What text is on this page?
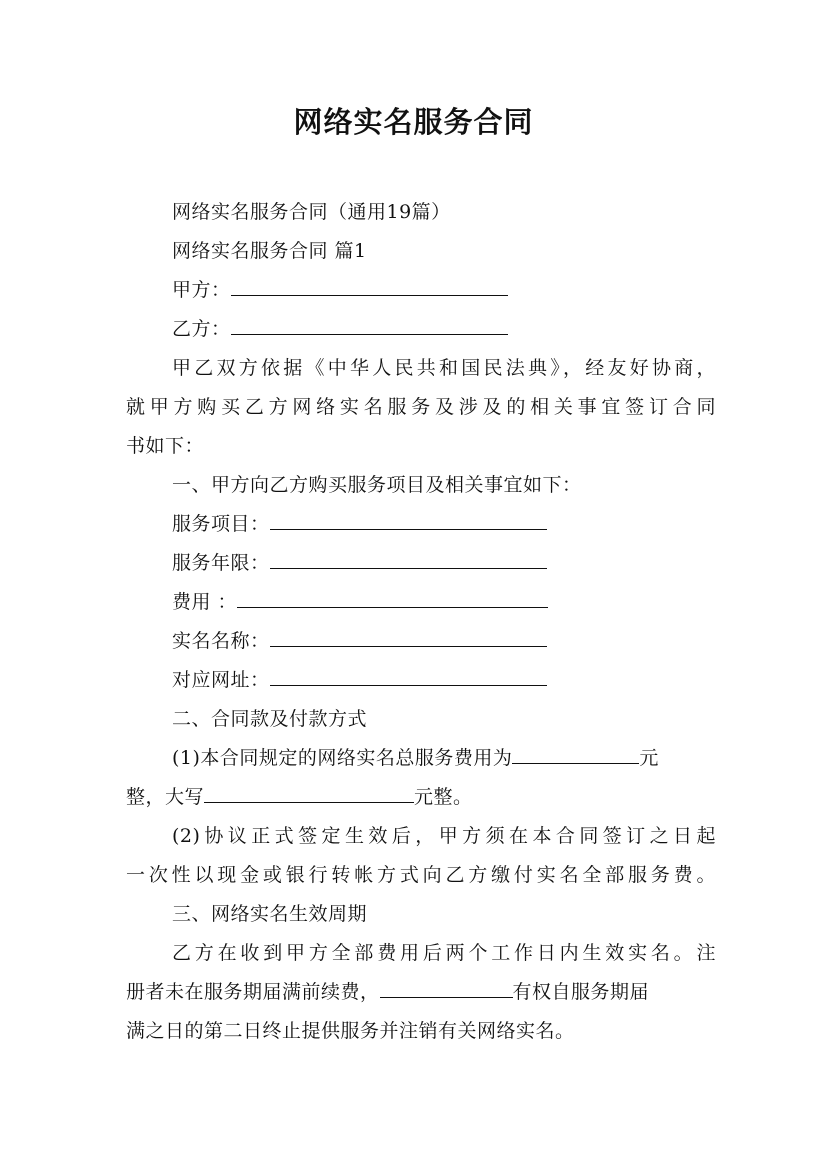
网络实名服务合同
网络实名服务合同（通用19篇）
网络实名服务合同 篇1
甲方：
乙方：
甲乙双方依据《中华人民共和国民法典》，经友好协商，
就甲方购买乙方网络实名服务及涉及的相关事宜签订合同
书如下：
一、甲方向乙方购买服务项目及相关事宜如下：
服务项目：
服务年限：
费用 ：
实名名称：
对应网址：
二、合同款及付款方式
(1)本合同规定的网络实名总服务费用为	元
整，大写	元整。
(2)协议正式签定生效后，甲方须在本合同签订之日起
一次性以现金或银行转帐方式向乙方缴付实名全部服务费。
三、网络实名生效周期
乙方在收到甲方全部费用后两个工作日内生效实名。注
册者未在服务期届满前续费，	有权自服务期届
满之日的第二日终止提供服务并注销有关网络实名。
